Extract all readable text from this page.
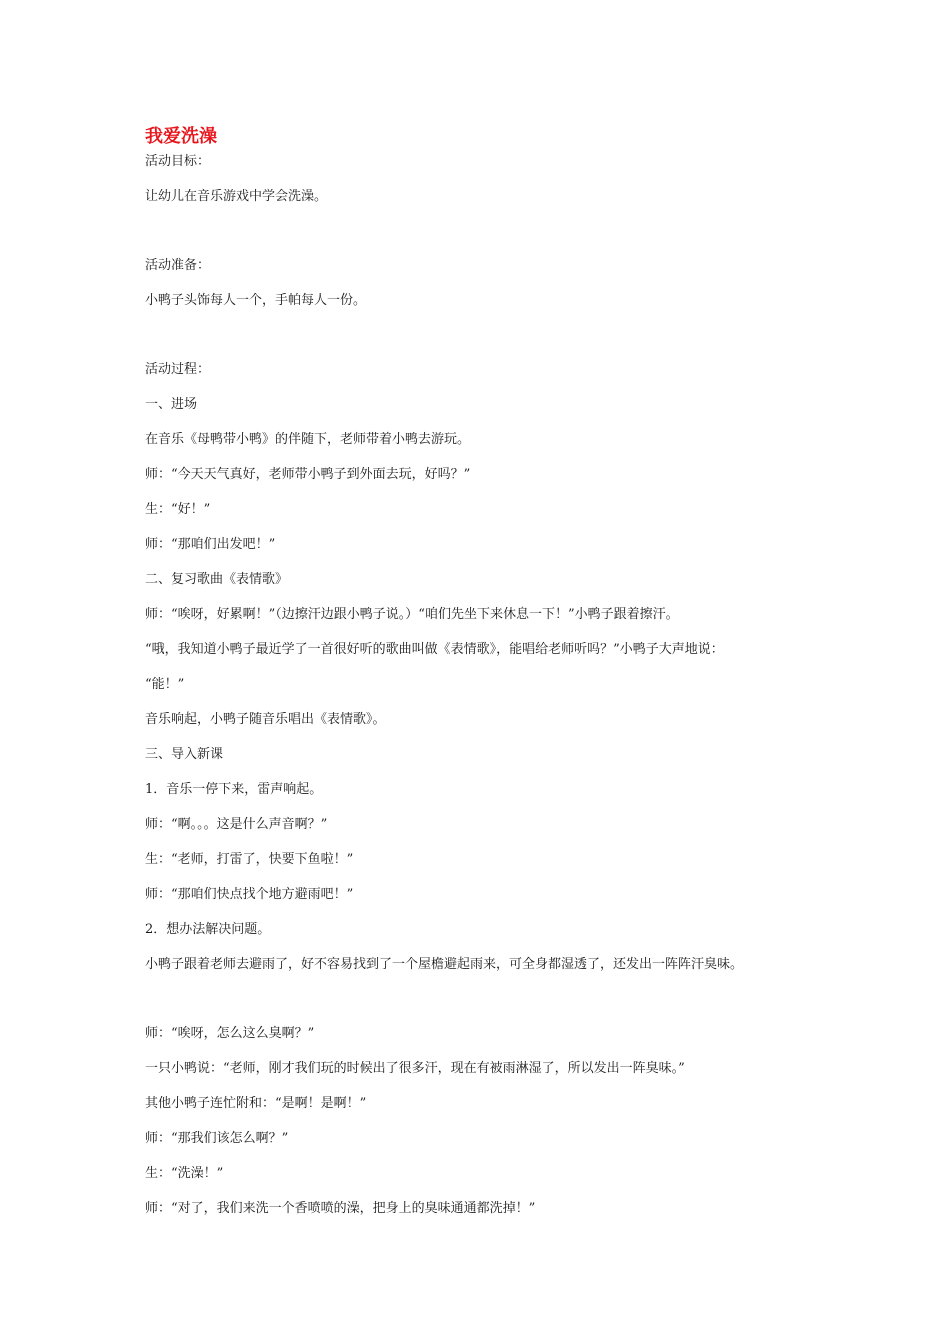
我爱洗澡

活动目标：

让幼儿在音乐游戏中学会洗澡。

活动准备：

小鸭子头饰每人一个，手帕每人一份。

活动过程：

一、进场

在音乐《母鸭带小鸭》的伴随下，老师带着小鸭去游玩。

师：“今天天气真好，老师带小鸭子到外面去玩，好吗？”

生：“好！”

师：“那咱们出发吧！”

二、复习歌曲《表情歌》

师：“唉呀，好累啊！”（边擦汗边跟小鸭子说。）“咱们先坐下来休息一下！”小鸭子跟着擦汗。

“哦，我知道小鸭子最近学了一首很好听的歌曲叫做《表情歌》，能唱给老师听吗？”小鸭子大声地说：

“能！”

音乐响起，小鸭子随音乐唱出《表情歌》。

三、导入新课

1．音乐一停下来，雷声响起。

师：“啊。。。这是什么声音啊？”

生：“老师，打雷了，快要下鱼啦！”

师：“那咱们快点找个地方避雨吧！”

2．想办法解决问题。

小鸭子跟着老师去避雨了，好不容易找到了一个屋檐避起雨来，可全身都湿透了，还发出一阵阵汗臭味。

师：“唉呀，怎么这么臭啊？”

一只小鸭说：“老师，刚才我们玩的时候出了很多汗，现在有被雨淋湿了，所以发出一阵臭味。”

其他小鸭子连忙附和：“是啊！是啊！”

师：“那我们该怎么啊？”

生：“洗澡！”

师：“对了，我们来洗一个香喷喷的澡，把身上的臭味通通都洗掉！”
